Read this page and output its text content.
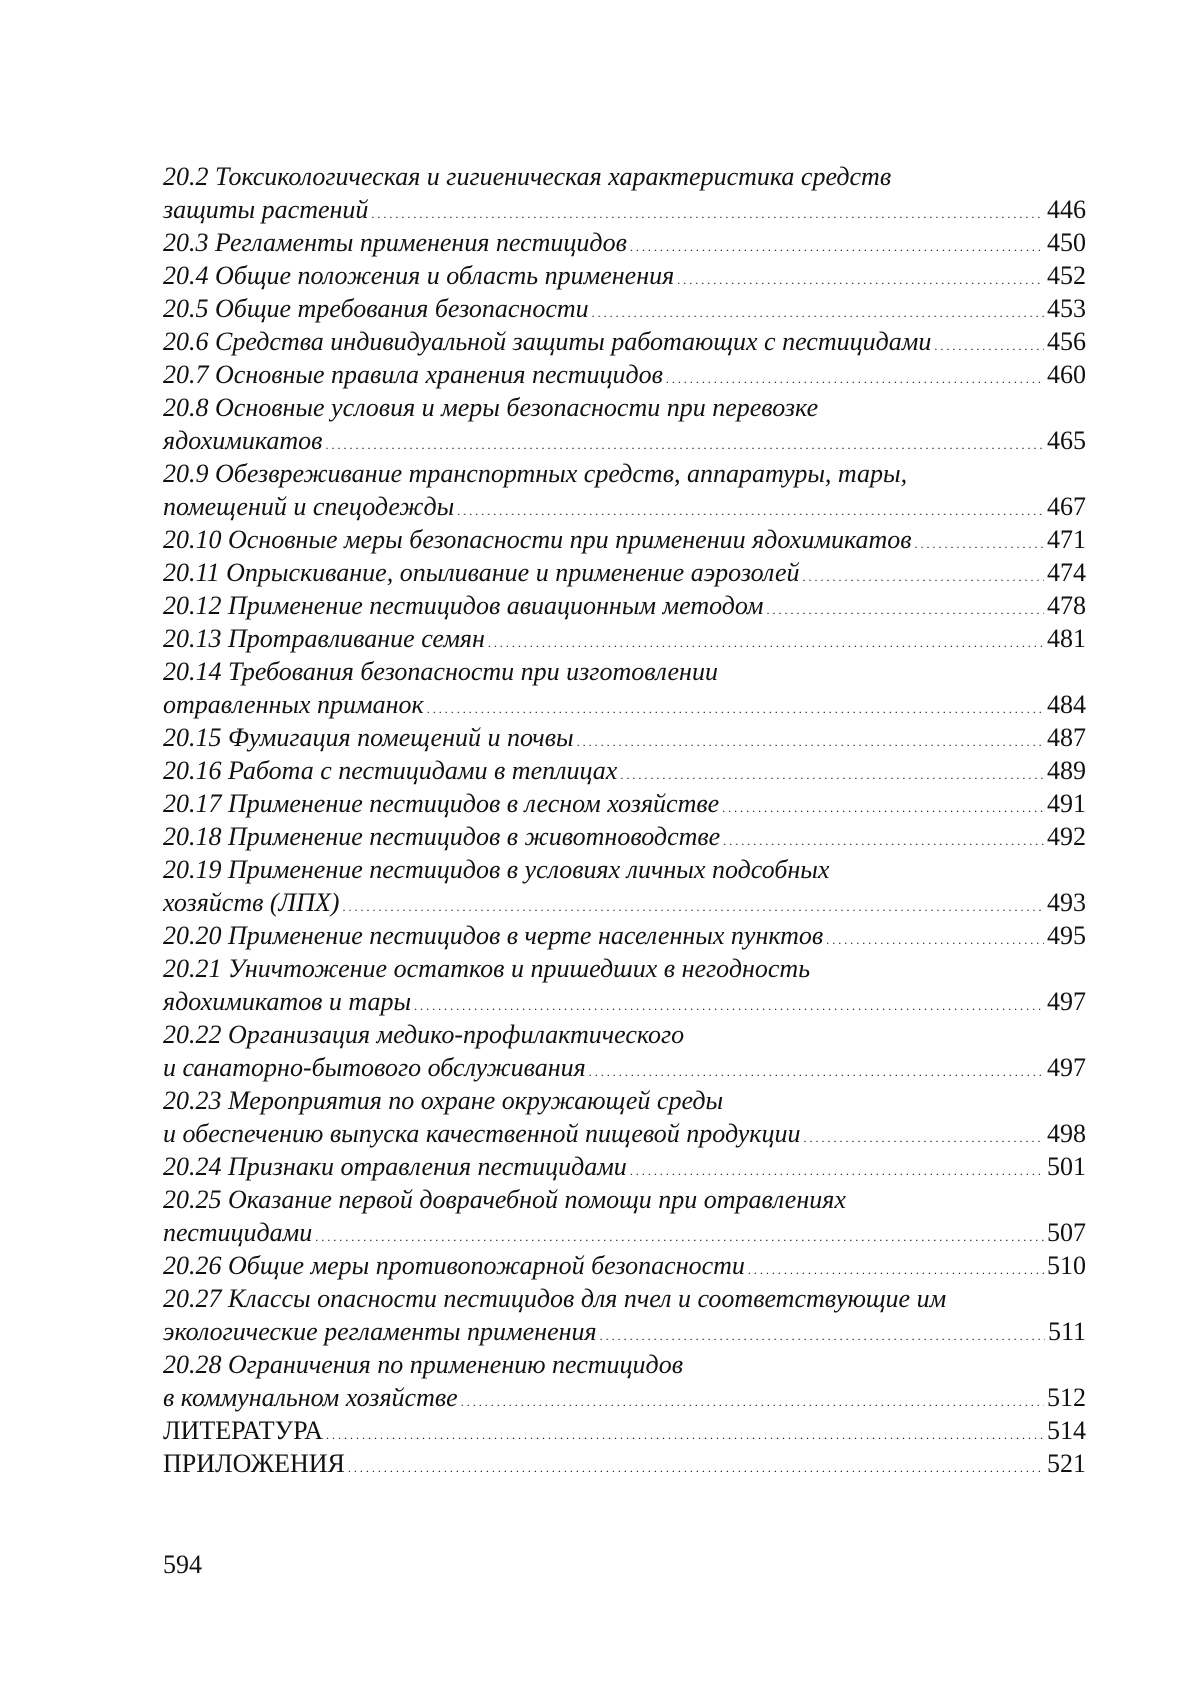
20.2 Токсикологическая и гигиеническая характеристика средств
защиты растений . . .	446
20.3 Регламенты применения пестицидов . . .	450
20.4 Общие положения и область применения . . .	452
20.5 Общие требования безопасности . . .	453
20.6 Средства индивидуальной защиты работающих с пестицидами . . .	456
20.7 Основные правила хранения пестицидов . . .	460
20.8 Основные условия и меры безопасности при перевозке
ядохимикатов . . .	465
20.9 Обезвреживание транспортных средств, аппаратуры, тары,
помещений и спецодежды . . .	467
20.10 Основные меры безопасности при применении ядохимикатов . . .	471
20.11 Опрыскивание, опыливание и применение аэрозолей . . .	474
20.12 Применение пестицидов авиационным методом . . .	478
20.13 Протравливание семян . . .	481
20.14 Требования безопасности при изготовлении
отравленных приманок . . .	484
20.15 Фумигация помещений и почвы . . .	487
20.16 Работа с пестицидами в теплицах . . .	489
20.17 Применение пестицидов в лесном хозяйстве . . .	491
20.18 Применение пестицидов в животноводстве . . .	492
20.19 Применение пестицидов в условиях личных подсобных
хозяйств (ЛПХ) . . .	493
20.20 Применение пестицидов в черте населенных пунктов . . .	495
20.21 Уничтожение остатков и пришедших в негодность
ядохимикатов и тары . . .	497
20.22 Организация медико-профилактического
и санаторно-бытового обслуживания . . .	497
20.23 Мероприятия по охране окружающей среды
и обеспечению выпуска качественной пищевой продукции . . .	498
20.24 Признаки отравления пестицидами . . .	501
20.25 Оказание первой доврачебной помощи при отравлениях
пестицидами . . .	507
20.26 Общие меры противопожарной безопасности . . .	510
20.27 Классы опасности пестицидов для пчел и соответствующие им
экологические регламенты применения . . .	511
20.28 Ограничения по применению пестицидов
в коммунальном хозяйстве . . .	512
ЛИТЕРАТУРА . . .	514
ПРИЛОЖЕНИЯ . . .	521
594
